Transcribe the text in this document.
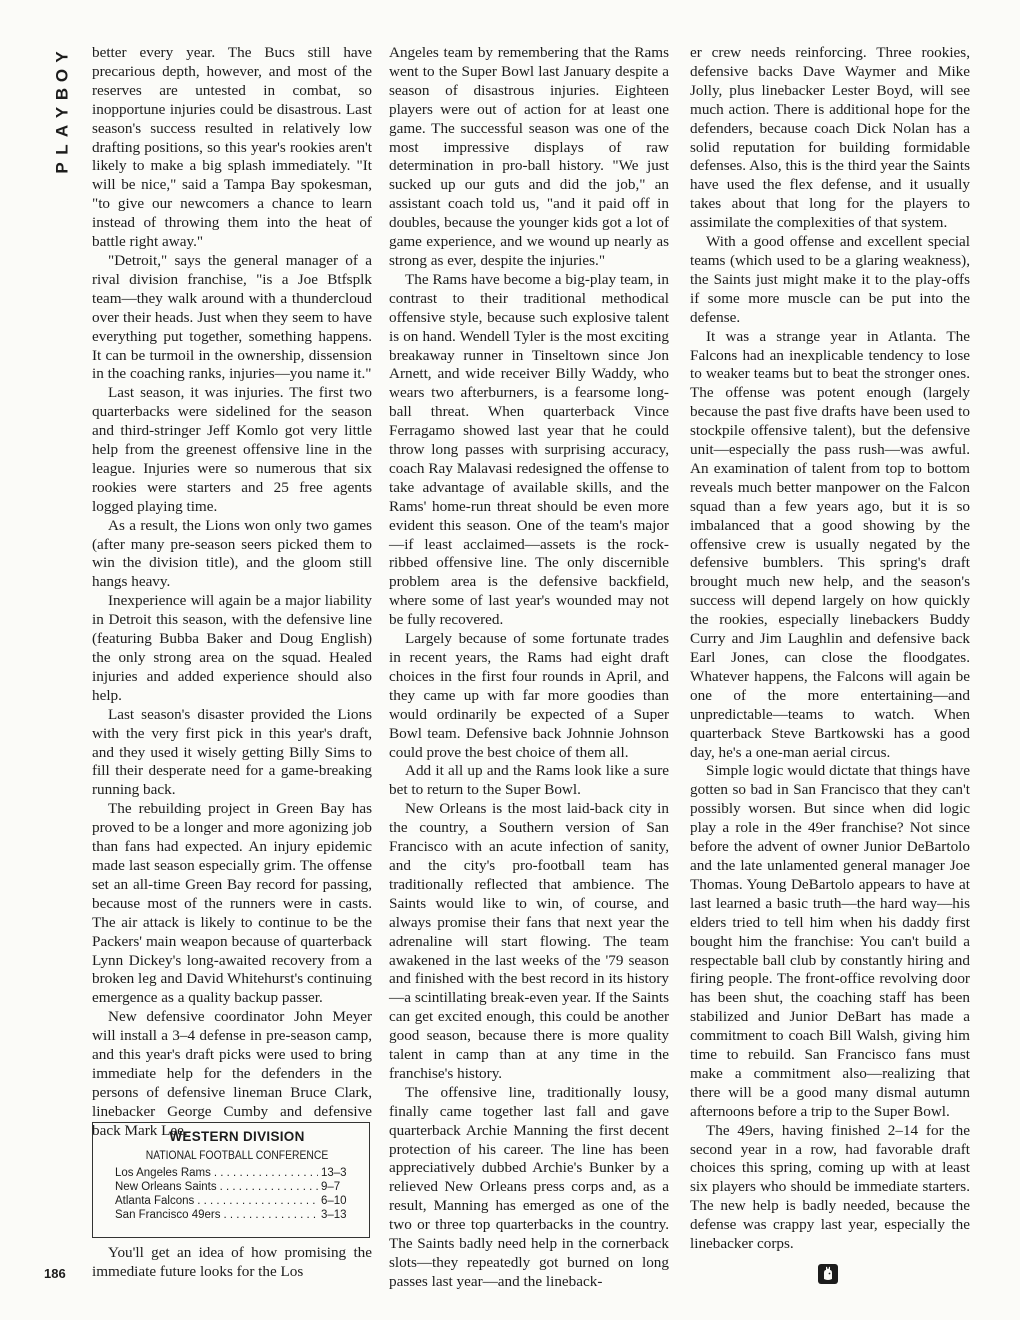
P
L
A
Y
B
O
Y better every year. The Bucs still have precarious depth, however, and most of the reserves are untested in combat, so inopportune injuries could be disastrous. Last season's success resulted in relatively low drafting positions, so this year's rookies aren't likely to make a big splash immediately. "It will be nice," said a Tampa Bay spokesman, "to give our newcomers a chance to learn instead of throwing them into the heat of battle right away."

"Detroit," says the general manager of a rival division franchise, "is a Joe Btfsplk team—they walk around with a thundercloud over their heads. Just when they seem to have everything put together, something happens. It can be turmoil in the ownership, dissension in the coaching ranks, injuries—you name it."

Last season, it was injuries. The first two quarterbacks were sidelined for the season and third-stringer Jeff Komlo got very little help from the greenest offensive line in the league. Injuries were so numerous that six rookies were starters and 25 free agents logged playing time.

As a result, the Lions won only two games (after many pre-season seers picked them to win the division title), and the gloom still hangs heavy.

Inexperience will again be a major liability in Detroit this season, with the defensive line (featuring Bubba Baker and Doug English) the only strong area on the squad. Healed injuries and added experience should also help.

Last season's disaster provided the Lions with the very first pick in this year's draft, and they used it wisely getting Billy Sims to fill their desperate need for a game-breaking running back.

The rebuilding project in Green Bay has proved to be a longer and more agonizing job than fans had expected. An injury epidemic made last season especially grim. The offense set an all-time Green Bay record for passing, because most of the runners were in casts. The air attack is likely to continue to be the Packers' main weapon because of quarterback Lynn Dickey's long-awaited recovery from a broken leg and David Whitehurst's continuing emergence as a quality backup passer.

New defensive coordinator John Meyer will install a 3–4 defense in pre-season camp, and this year's draft picks were used to bring immediate help for the defenders in the persons of defensive lineman Bruce Clark, linebacker George Cumby and defensive back Mark Lee.

WESTERN DIVISION
NATIONAL FOOTBALL CONFERENCE
Los Angeles Rams . . .	13–3
New Orleans Saints . . .	9–7
Atlanta Falcons . . .	6–10
San Francisco 49ers . . .	3–13

You'll get an idea of how promising the immediate future looks for the Los

Angeles team by remembering that the Rams went to the Super Bowl last January despite a season of disastrous injuries. Eighteen players were out of action for at least one game. The successful season was one of the most impressive displays of raw determination in pro-ball history. "We just sucked up our guts and did the job," an assistant coach told us, "and it paid off in doubles, because the younger kids got a lot of game experience, and we wound up nearly as strong as ever, despite the injuries."

The Rams have become a big-play team, in contrast to their traditional methodical offensive style, because such explosive talent is on hand. Wendell Tyler is the most exciting breakaway runner in Tinseltown since Jon Arnett, and wide receiver Billy Waddy, who wears two afterburners, is a fearsome long-ball threat. When quarterback Vince Ferragamo showed last year that he could throw long passes with surprising accuracy, coach Ray Malavasi redesigned the offense to take advantage of available skills, and the Rams' home-run threat should be even more evident this season. One of the team's major—if least acclaimed—assets is the rock-ribbed offensive line. The only discernible problem area is the defensive backfield, where some of last year's wounded may not be fully recovered.

Largely because of some fortunate trades in recent years, the Rams had eight draft choices in the first four rounds in April, and they came up with far more goodies than would ordinarily be expected of a Super Bowl team. Defensive back Johnnie Johnson could prove the best choice of them all.

Add it all up and the Rams look like a sure bet to return to the Super Bowl.

New Orleans is the most laid-back city in the country, a Southern version of San Francisco with an acute infection of sanity, and the city's pro-football team has traditionally reflected that ambience. The Saints would like to win, of course, and always promise their fans that next year the adrenaline will start flowing. The team awakened in the last weeks of the '79 season and finished with the best record in its history—a scintillating break-even year. If the Saints can get excited enough, this could be another good season, because there is more quality talent in camp than at any time in the franchise's history.

The offensive line, traditionally lousy, finally came together last fall and gave quarterback Archie Manning the first decent protection of his career. The line has been appreciatively dubbed Archie's Bunker by a relieved New Orleans press corps and, as a result, Manning has emerged as one of the two or three top quarterbacks in the country. The Saints badly need help in the cornerback slots—they repeatedly got burned on long passes last year—and the lineback-

er crew needs reinforcing. Three rookies, defensive backs Dave Waymer and Mike Jolly, plus linebacker Lester Boyd, will see much action. There is additional hope for the defenders, because coach Dick Nolan has a solid reputation for building formidable defenses. Also, this is the third year the Saints have used the flex defense, and it usually takes about that long for the players to assimilate the complexities of that system.

With a good offense and excellent special teams (which used to be a glaring weakness), the Saints just might make it to the play-offs if some more muscle can be put into the defense.

It was a strange year in Atlanta. The Falcons had an inexplicable tendency to lose to weaker teams but to beat the stronger ones. The offense was potent enough (largely because the past five drafts have been used to stockpile offensive talent), but the defensive unit—especially the pass rush—was awful. An examination of talent from top to bottom reveals much better manpower on the Falcon squad than a few years ago, but it is so imbalanced that a good showing by the offensive crew is usually negated by the defensive bumblers. This spring's draft brought much new help, and the season's success will depend largely on how quickly the rookies, especially linebackers Buddy Curry and Jim Laughlin and defensive back Earl Jones, can close the floodgates. Whatever happens, the Falcons will again be one of the more entertaining—and unpredictable—teams to watch. When quarterback Steve Bartkowski has a good day, he's a one-man aerial circus.

Simple logic would dictate that things have gotten so bad in San Francisco that they can't possibly worsen. But since when did logic play a role in the 49er franchise? Not since before the advent of owner Junior DeBartolo and the late unlamented general manager Joe Thomas. Young DeBartolo appears to have at last learned a basic truth—the hard way—his elders tried to tell him when his daddy first bought him the franchise: You can't build a respectable ball club by constantly hiring and firing people. The front-office revolving door has been shut, the coaching staff has been stabilized and Junior DeBart has made a commitment to coach Bill Walsh, giving him time to rebuild. San Francisco fans must make a commitment also—realizing that there will be a good many dismal autumn afternoons before a trip to the Super Bowl.

The 49ers, having finished 2–14 for the second year in a row, had favorable draft choices this spring, coming up with at least six players who should be immediate starters. The new help is badly needed, because the defense was crappy last year, especially the linebacker corps.

186
